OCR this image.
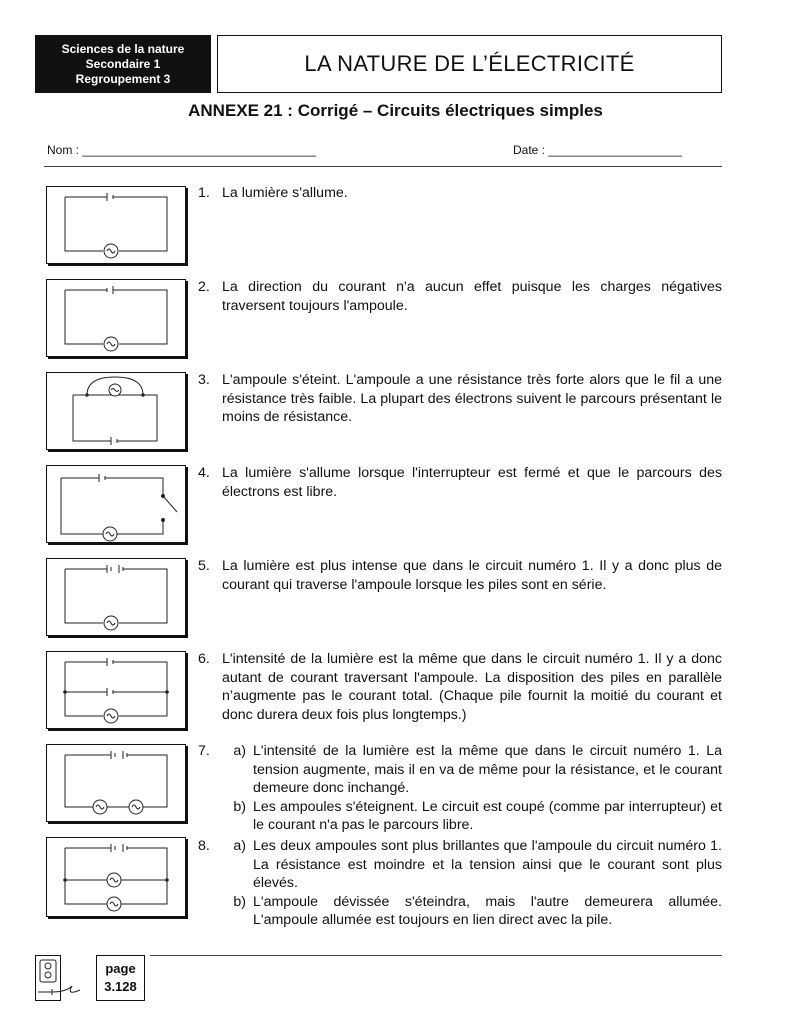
Sciences de la nature
Secondaire 1
Regroupement 3
LA NATURE DE L’ÉLECTRICITÉ
ANNEXE 21 : Corrigé – Circuits électriques simples
Nom : ___________________________________	Date : ____________________
1. La lumière s'allume.
2. La direction du courant n'a aucun effet puisque les charges négatives traversent toujours l'ampoule.
3. L'ampoule s'éteint. L'ampoule a une résistance très forte alors que le fil a une résistance très faible. La plupart des électrons suivent le parcours présentant le moins de résistance.
4. La lumière s'allume lorsque l'interrupteur est fermé et que le parcours des électrons est libre.
5. La lumière est plus intense que dans le circuit numéro 1. Il y a donc plus de courant qui traverse l'ampoule lorsque les piles sont en série.
6. L'intensité de la lumière est la même que dans le circuit numéro 1. Il y a donc autant de courant traversant l'ampoule. La disposition des piles en parallèle n’augmente pas le courant total. (Chaque pile fournit la moitié du courant et donc durera deux fois plus longtemps.)
7.	a) L'intensité de la lumière est la même que dans le circuit numéro 1. La tension augmente, mais il en va de même pour la résistance, et le courant demeure donc inchangé.
b) Les ampoules s'éteignent. Le circuit est coupé (comme par interrupteur) et le courant n'a pas le parcours libre.
8.	a) Les deux ampoules sont plus brillantes que l'ampoule du circuit numéro 1. La résistance est moindre et la tension ainsi que le courant sont plus élevés.
b) L'ampoule dévissée s'éteindra, mais l'autre demeurera allumée. L'ampoule allumée est toujours en lien direct avec la pile.
page
3.128
